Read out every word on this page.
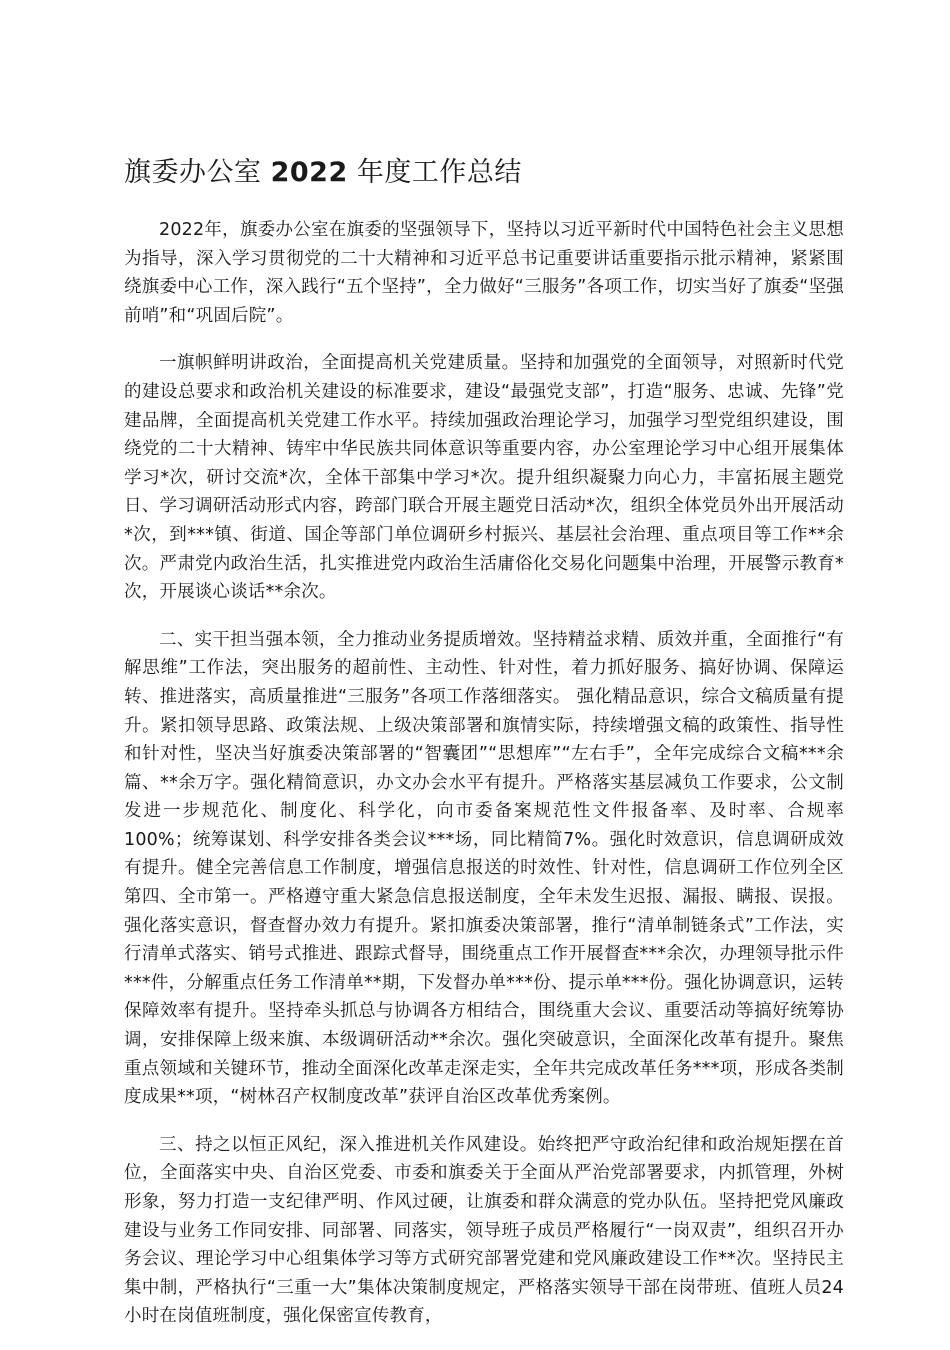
旗委办公室 2022 年度工作总结

2022年，旗委办公室在旗委的坚强领导下，坚持以习近平新时代中国特色社会主义思想为指导，深入学习贯彻党的二十大精神和习近平总书记重要讲话重要指示批示精神，紧紧围绕旗委中心工作，深入践行“五个坚持”，全力做好“三服务”各项工作，切实当好了旗委“坚强前哨”和“巩固后院”。

一旗帜鲜明讲政治，全面提高机关党建质量。坚持和加强党的全面领导，对照新时代党的建设总要求和政治机关建设的标准要求，建设“最强党支部”，打造“服务、忠诚、先锋”党建品牌，全面提高机关党建工作水平。持续加强政治理论学习，加强学习型党组织建设，围绕党的二十大精神、铸牢中华民族共同体意识等重要内容，办公室理论学习中心组开展集体学习*次，研讨交流*次，全体干部集中学习*次。提升组织凝聚力向心力，丰富拓展主题党日、学习调研活动形式内容，跨部门联合开展主题党日活动*次，组织全体党员外出开展活动*次，到***镇、街道、国企等部门单位调研乡村振兴、基层社会治理、重点项目等工作**余次。严肃党内政治生活，扎实推进党内政治生活庸俗化交易化问题集中治理，开展警示教育*次，开展谈心谈话**余次。

二、实干担当强本领，全力推动业务提质增效。坚持精益求精、质效并重，全面推行“有解思维”工作法，突出服务的超前性、主动性、针对性，着力抓好服务、搞好协调、保障运转、推进落实，高质量推进“三服务”各项工作落细落实。 强化精品意识，综合文稿质量有提升。紧扣领导思路、政策法规、上级决策部署和旗情实际，持续增强文稿的政策性、指导性和针对性，坚决当好旗委决策部署的“智囊团”“思想库”“左右手”，全年完成综合文稿***余篇、**余万字。强化精简意识，办文办会水平有提升。严格落实基层减负工作要求，公文制发进一步规范化、制度化、科学化，向市委备案规范性文件报备率、及时率、合规率100%；统筹谋划、科学安排各类会议***场，同比精简7%。强化时效意识，信息调研成效有提升。健全完善信息工作制度，增强信息报送的时效性、针对性，信息调研工作位列全区第四、全市第一。严格遵守重大紧急信息报送制度，全年未发生迟报、漏报、瞒报、误报。强化落实意识，督查督办效力有提升。紧扣旗委决策部署，推行“清单制链条式”工作法，实行清单式落实、销号式推进、跟踪式督导，围绕重点工作开展督查***余次，办理领导批示件***件，分解重点任务工作清单**期，下发督办单***份、提示单***份。强化协调意识，运转保障效率有提升。坚持牵头抓总与协调各方相结合，围绕重大会议、重要活动等搞好统筹协调，安排保障上级来旗、本级调研活动**余次。强化突破意识，全面深化改革有提升。聚焦重点领域和关键环节，推动全面深化改革走深走实，全年共完成改革任务***项，形成各类制度成果**项，“树林召产权制度改革”获评自治区改革优秀案例。

三、持之以恒正风纪，深入推进机关作风建设。始终把严守政治纪律和政治规矩摆在首位，全面落实中央、自治区党委、市委和旗委关于全面从严治党部署要求，内抓管理，外树形象，努力打造一支纪律严明、作风过硬，让旗委和群众满意的党办队伍。坚持把党风廉政建设与业务工作同安排、同部署、同落实，领导班子成员严格履行“一岗双责”，组织召开办务会议、理论学习中心组集体学习等方式研究部署党建和党风廉政建设工作**次。坚持民主集中制，严格执行“三重一大”集体决策制度规定，严格落实领导干部在岗带班、值班人员24小时在岗值班制度，强化保密宣传教育，
